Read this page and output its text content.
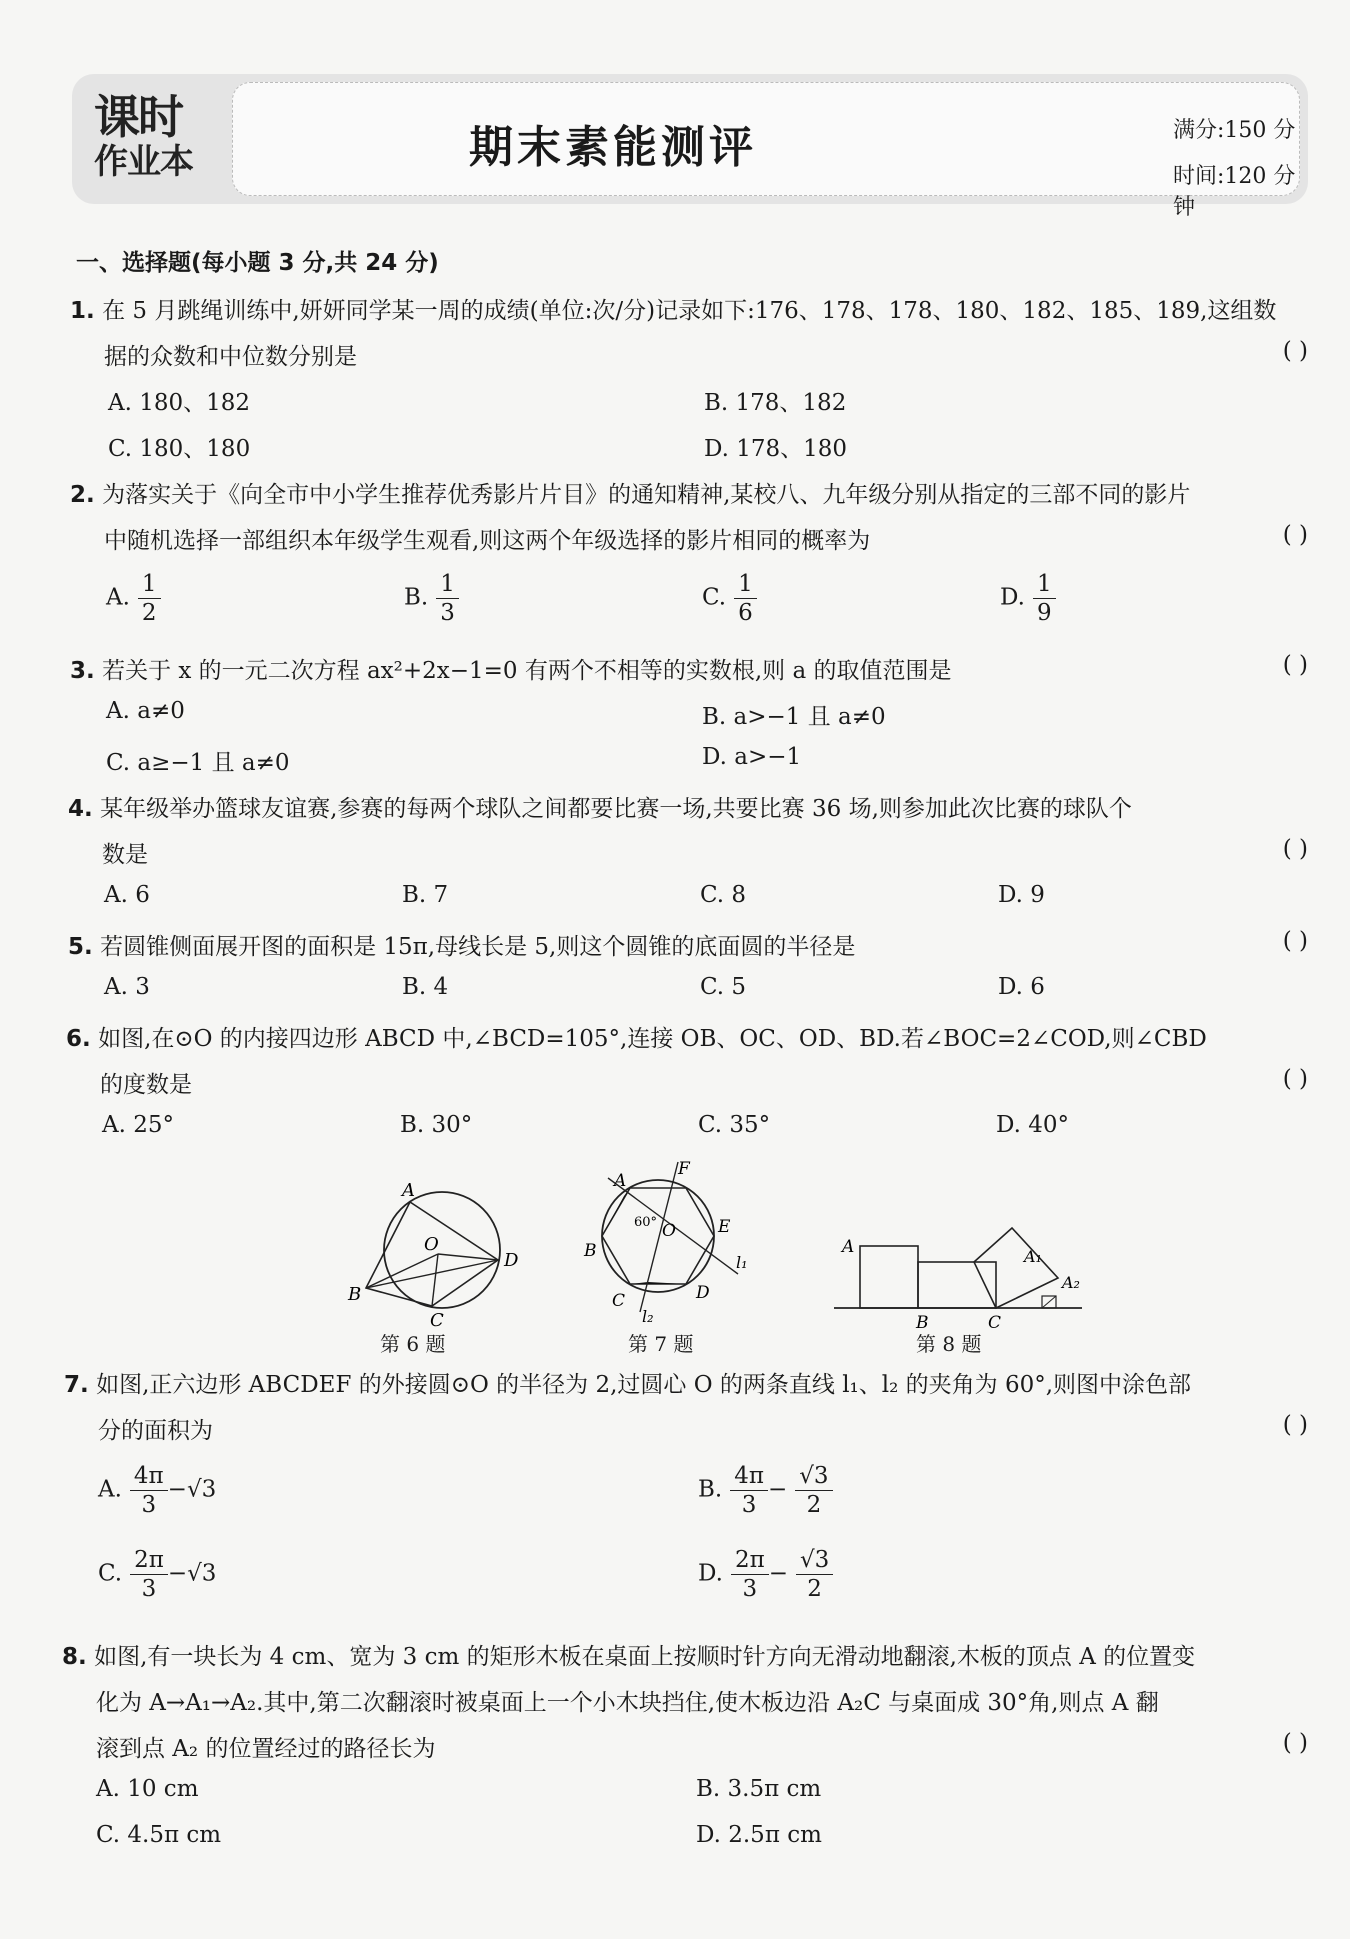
课时
作业本	期末素能测评	满分:150 分
时间:120 分钟
一、选择题(每小题 3 分,共 24 分)
1. 在 5 月跳绳训练中,妍妍同学某一周的成绩(单位:次/分)记录如下:176、178、178、180、182、185、189,这组数
据的众数和中位数分别是	( )
A. 180、182	B. 178、182
C. 180、180	D. 178、180
2. 为落实关于《向全市中小学生推荐优秀影片片目》的通知精神,某校八、九年级分别从指定的三部不同的影片
中随机选择一部组织本年级学生观看,则这两个年级选择的影片相同的概率为	( )
A. $\frac{1}{2}$	B. $\frac{1}{3}$	C. $\frac{1}{6}$	D. $\frac{1}{9}$
3. 若关于 x 的一元二次方程 ax²+2x−1=0 有两个不相等的实数根,则 a 的取值范围是	( )
A. a≠0	B. a>−1 且 a≠0
C. a≥−1 且 a≠0	D. a>−1
4. 某年级举办篮球友谊赛,参赛的每两个球队之间都要比赛一场,共要比赛 36 场,则参加此次比赛的球队个
数是	( )
A. 6	B. 7	C. 8	D. 9
5. 若圆锥侧面展开图的面积是 15π,母线长是 5,则这个圆锥的底面圆的半径是	( )
A. 3	B. 4	C. 5	D. 6
6. 如图,在⊙O 的内接四边形 ABCD 中,∠BCD=105°,连接 OB、OC、OD、BD.若∠BOC=2∠COD,则∠CBD
的度数是	( )
A. 25°	B. 30°	C. 35°	D. 40°
A
B
C
D
O
第 6 题
A
B
C	D
E
F
O
60°
l₁
l₂
第 7 题
A	A₁
A₂
B	C
第 8 题
7. 如图,正六边形 ABCDEF 的外接圆⊙O 的半径为 2,过圆心 O 的两条直线 l₁、l₂ 的夹角为 60°,则图中涂色部
分的面积为	( )
A. $\frac{4\pi}{3} -√3$	B. $\frac{4\pi}{3} - \frac{√3}{2}$
C. $\frac{2\pi}{3} -√3$	D. $\frac{2\pi}{3} - \frac{√3}{2}$
8. 如图,有一块长为 4 cm、宽为 3 cm 的矩形木板在桌面上按顺时针方向无滑动地翻滚,木板的顶点 A 的位置变
化为 A→A₁→A₂.其中,第二次翻滚时被桌面上一个小木块挡住,使木板边沿 A₂C 与桌面成 30°角,则点 A 翻
滚到点 A₂ 的位置经过的路径长为	( )
A. 10 cm	B. 3.5π cm
C. 4.5π cm	D. 2.5π cm
